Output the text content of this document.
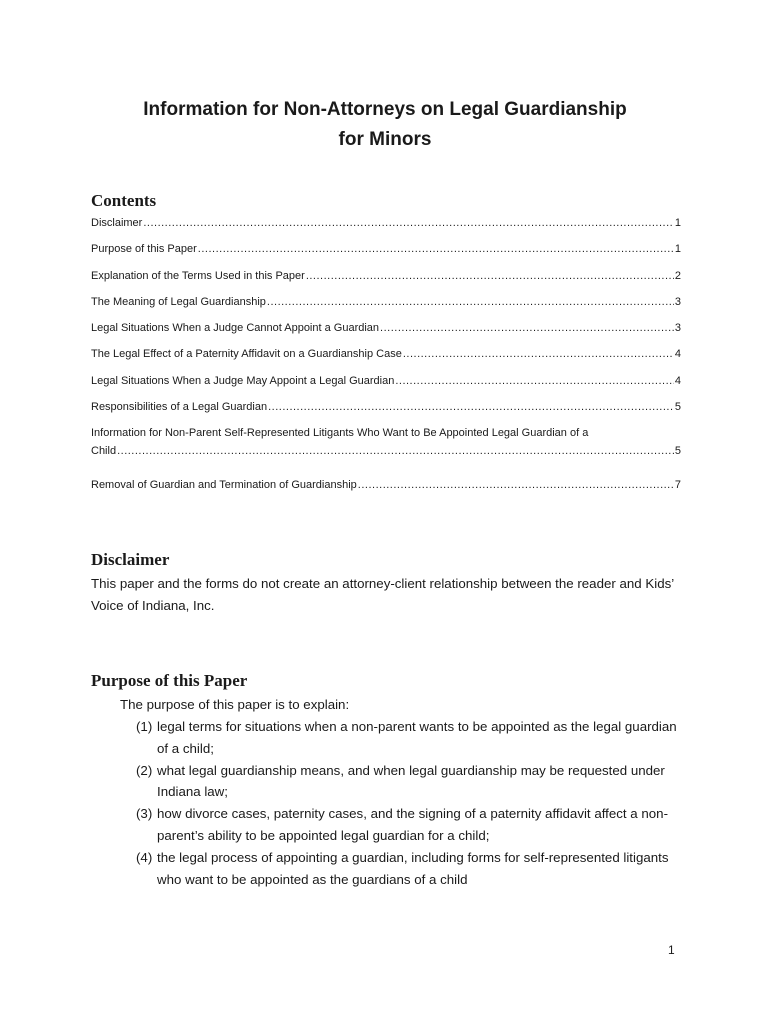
Information for Non-Attorneys on Legal Guardianship
for Minors
Contents
Disclaimer .....	1
Purpose of this Paper .....	1
Explanation of the Terms Used in this Paper .....	2
The Meaning of Legal Guardianship .....	3
Legal Situations When a Judge Cannot Appoint a Guardian .....	3
The Legal Effect of a Paternity Affidavit on a Guardianship Case .....	4
Legal Situations When a Judge May Appoint a Legal Guardian .....	4
Responsibilities of a Legal Guardian .....	5
Information for Non-Parent Self-Represented Litigants Who Want to Be Appointed Legal Guardian of a
Child .....	5
Removal of Guardian and Termination of Guardianship .....	7
Disclaimer

This paper and the forms do not create an attorney-client relationship between the reader and Kids’ Voice of Indiana, Inc.

Purpose of this Paper

The purpose of this paper is to explain:

(1) legal terms for situations when a non-parent wants to be appointed as the legal guardian of a child;
(2) what legal guardianship means, and when legal guardianship may be requested under Indiana law;
(3) how divorce cases, paternity cases, and the signing of a paternity affidavit affect a non-parent’s ability to be appointed legal guardian for a child;
(4) the legal process of appointing a guardian, including forms for self-represented litigants who want to be appointed as the guardians of a child

1
